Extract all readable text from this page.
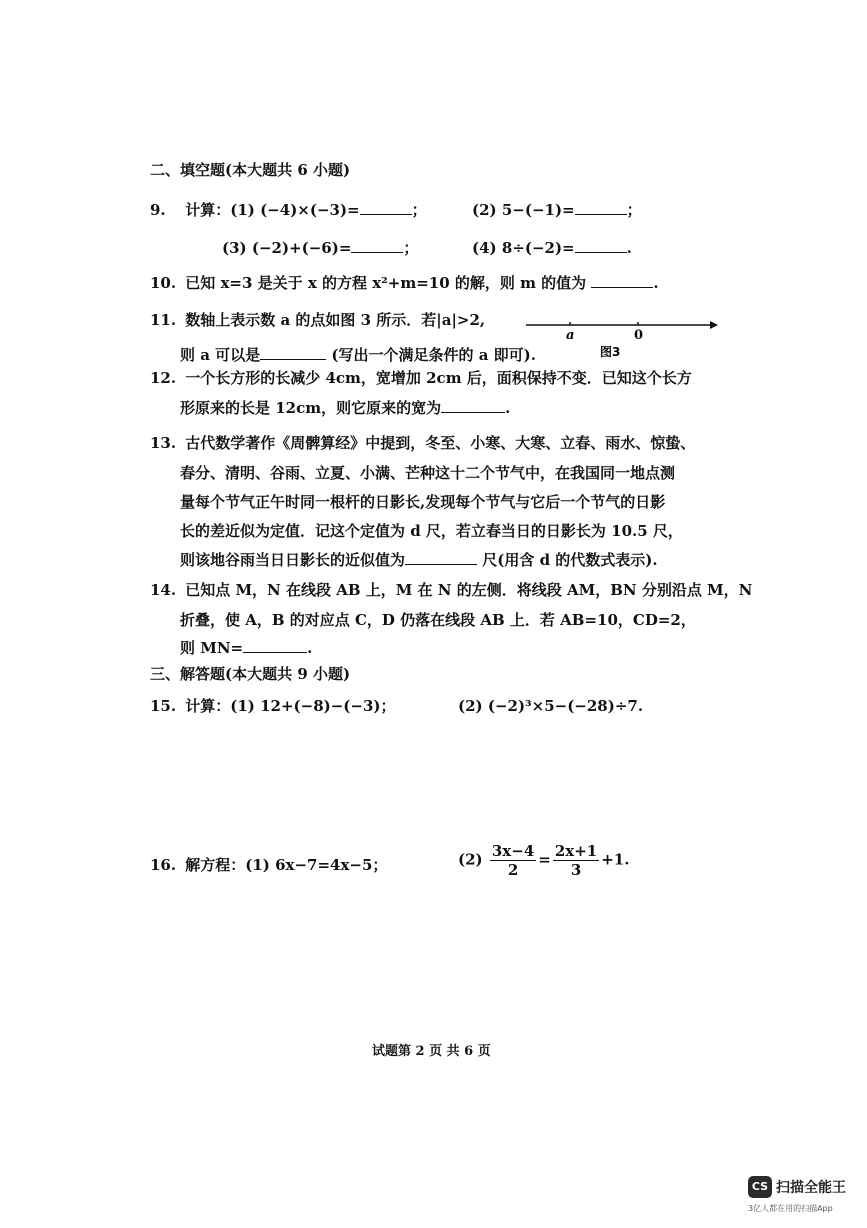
二、填空题(本大题共 6 小题)
9. 计算：(1) (−4)×(−3)=	；	(2) 5−(−1)=	；
(3) (−2)+(−6)=	；	(4) 8÷(−2)=	.
10. 已知 x=3 是关于 x 的方程 x²+m=10 的解，则 m 的值为	.
11. 数轴上表示数 a 的点如图 3 所示．若|a|>2,
则 a 可以是	(写出一个满足条件的 a 即可).
a	0
图3
12. 一个长方形的长减少 4cm，宽增加 2cm 后，面积保持不变．已知这个长方
形原来的长是 12cm，则它原来的宽为	.
13. 古代数学著作《周髀算经》中提到，冬至、小寒、大寒、立春、雨水、惊蛰、
春分、清明、谷雨、立夏、小满、芒种这十二个节气中，在我国同一地点测
量每个节气正午时同一根杆的日影长,发现每个节气与它后一个节气的日影
长的差近似为定值．记这个定值为 d 尺，若立春当日的日影长为 10.5 尺，
则该地谷雨当日日影长的近似值为	尺(用含 d 的代数式表示).
14. 已知点 M，N 在线段 AB 上，M 在 N 的左侧．将线段 AM，BN 分别沿点 M，N
折叠，使 A，B 的对应点 C，D 仍落在线段 AB 上．若 AB=10，CD=2，
则 MN=	.
三、解答题(本大题共 9 小题)
15. 计算：(1) 12+(−8)−(−3)；	(2) (−2)³×5−(−28)÷7.
16. 解方程：(1) 6x−7=4x−5；	$(2) \frac{3x-4}{2} = \frac{2x+1}{3} +1$.
试题第 2 页 共 6 页
CS 扫描全能王
3亿人都在用的扫描App
